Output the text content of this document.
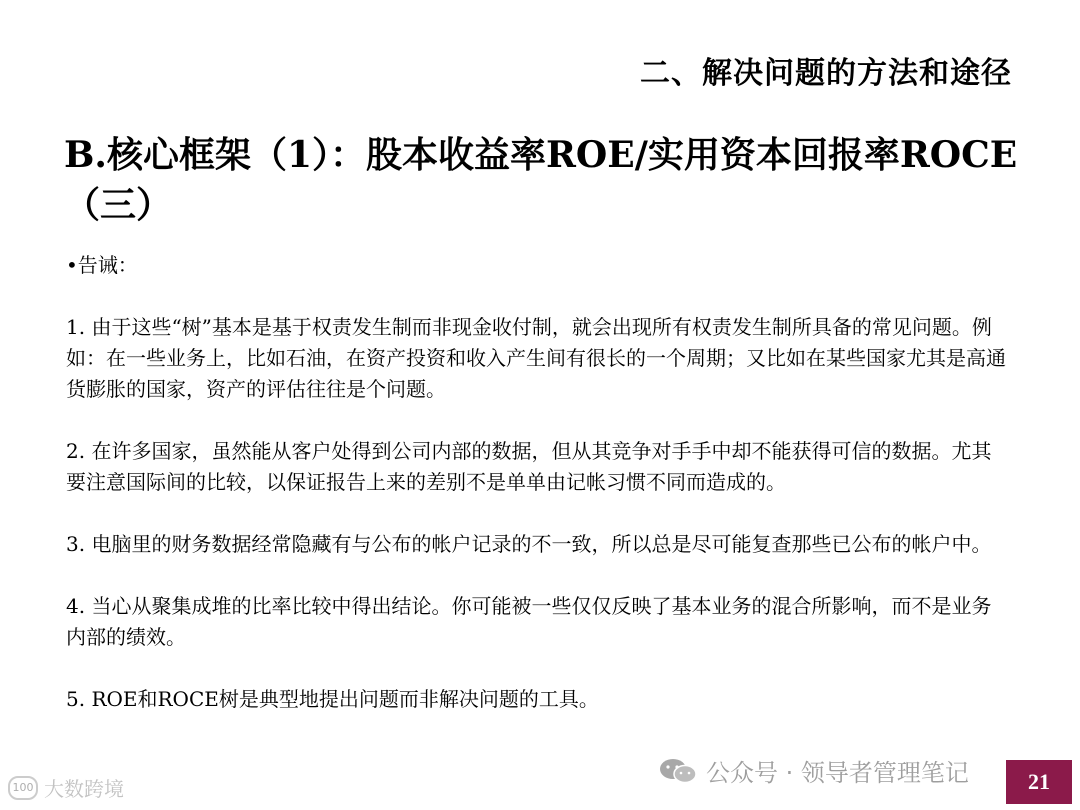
二、解决问题的方法和途径
B.核心框架（1）：股本收益率ROE/实用资本回报率ROCE（三）
•告诫：
1. 由于这些“树”基本是基于权责发生制而非现金收付制，就会出现所有权责发生制所具备的常见问题。例如：在一些业务上，比如石油，在资产投资和收入产生间有很长的一个周期；又比如在某些国家尤其是高通货膨胀的国家，资产的评估往往是个问题。
2. 在许多国家，虽然能从客户处得到公司内部的数据，但从其竞争对手手中却不能获得可信的数据。尤其要注意国际间的比较，以保证报告上来的差别不是单单由记帐习惯不同而造成的。
3. 电脑里的财务数据经常隐藏有与公布的帐户记录的不一致，所以总是尽可能复查那些已公布的帐户中。
4. 当心从聚集成堆的比率比较中得出结论。你可能被一些仅仅反映了基本业务的混合所影响，而不是业务内部的绩效。
5. ROE和ROCE树是典型地提出问题而非解决问题的工具。
100 大数跨境
公众号 · 领导者管理笔记	21
